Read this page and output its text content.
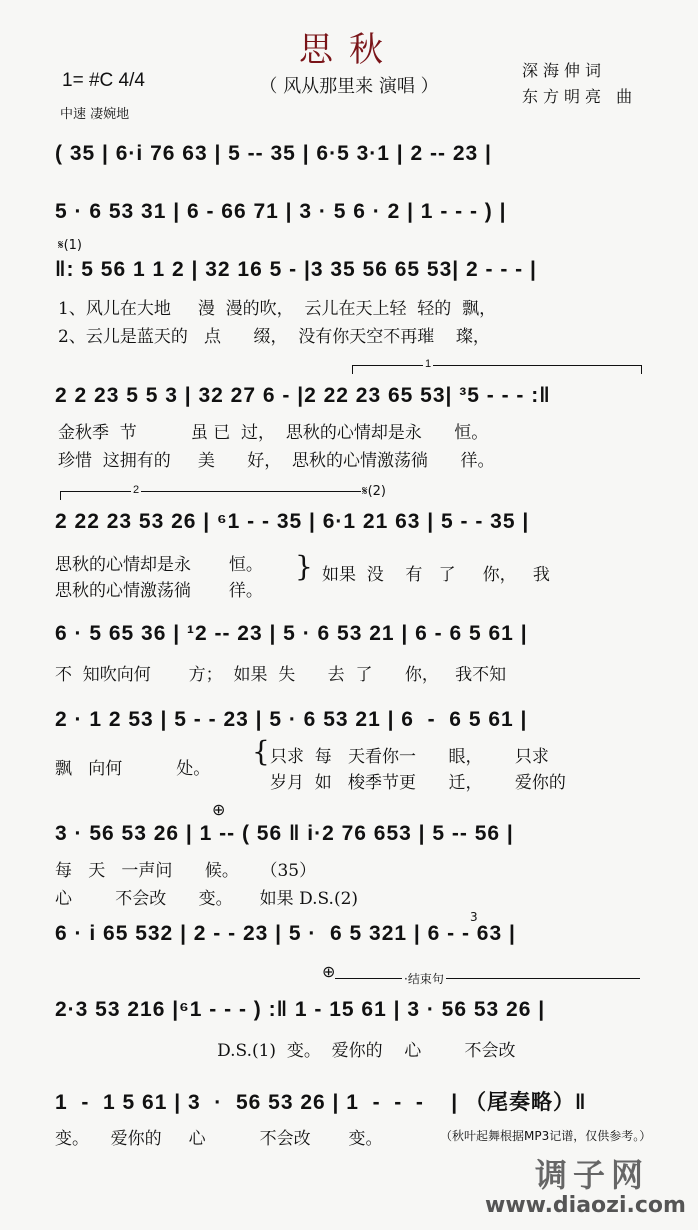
思秋
（ 风从那里来 演唱 ）
1= #C 4/4
中速 凄婉地
深海伸词
东方明亮 曲
( 35 | 6·i 76 63 | 5 -- 35 | 6·5 3·1 | 2 -- 23 |
5 · 6 53 31 | 6 - 66 71 | 3 · 5 6 · 2 | 1 - - - ) |
𝄋(1)
‖: 5 56 1 1 2 | 32 16 5 - |3 35 56 65 53| 2 - - - |
1、风儿在大地     漫  漫的吹，  云儿在天上轻  轻的  飘，
2、云儿是蓝天的   点      缀，  没有你天空不再璀    璨，
1
2 2 23 5 5 3 | 32 27 6 - |2 22 23 65 53| ³5 - - - :‖
金秋季  节          虽 已  过，  思秋的心情却是永      恒。
珍惜  这拥有的     美      好，  思秋的心情激荡徜      徉。
2	𝄋(2)
2 22 23 53 26 | ⁶1 - - 35 | 6·1 21 63 | 5 - - 35 |
思秋的心情却是永       恒。
思秋的心情激荡徜       徉。
} 如果  没    有   了     你，   我
6 · 5 65 36 | ¹2 -- 23 | 5 · 6 53 21 | 6 - 6 5 61 |
不  知吹向何       方；  如果  失      去  了      你，   我不知
2 · 1 2 53 | 5 - - 23 | 5 · 6 53 21 | 6  -  6 5 61 |
飘   向何          处。
{ 只求  每   天看你一      眼，      只求
岁月  如   梭季节更      迁，      爱你的
⊕
3 · 56 53 26 | 1 -- ( 56 ‖ i·2 76 653 | 5 -- 56 |
每   天   一声问      候。    （35）
心        不会改      变。     如果 D.S.(2)
3
6 · i 65 532 | 2 - - 23 | 5 ·  6 5 321 | 6 - - 63 |
⊕	·结束句
2·3 53 216 |⁶1 - - - ) :‖ 1 - 15 61 | 3 · 56 53 26 |
D.S.(1)  变。  爱你的    心        不会改
1  -  1 5 61 | 3  ·  56 53 26 | 1  -  -  -    | （尾奏略）‖
变。    爱你的     心          不会改       变。	（秋叶起舞根据MP3记谱，仅供参考。）
调子网
www.diaozi.com
